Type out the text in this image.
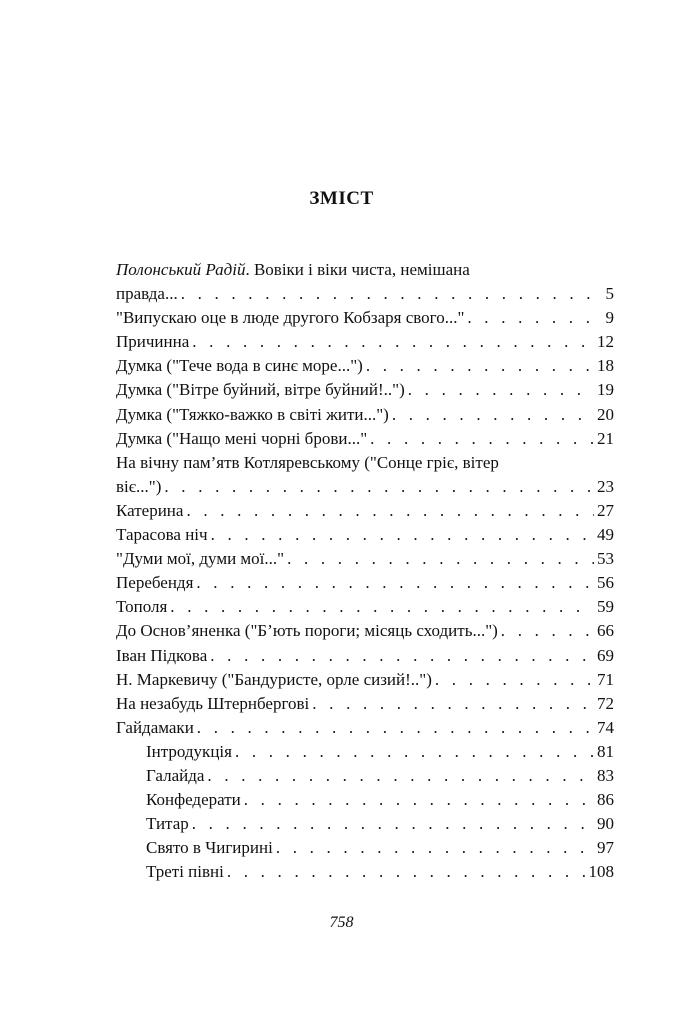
ЗМІСТ
Полонський Радій. Вовіки і віки чиста, немішана
правда... . . .	5
"Випускаю оце в люде другого Кобзаря свого..." . . .	9
Причинна . . .	12
Думка ("Тече вода в синє море...") . . .	18
Думка ("Вітре буйний, вітре буйний!..") . . .	19
Думка ("Тяжко-важко в світі жити...") . . .	20
Думка ("Нащо мені чорні брови..." . . .	21
На вічну пам’ятв Котляревському ("Сонце гріє, вітер
віє...") . . .	23
Катерина . . .	27
Тарасова ніч . . .	49
"Думи мої, думи мої..." . . .	53
Перебендя . . .	56
Тополя . . .	59
До Основ’яненка ("Б’ють пороги; місяць сходить...") . . .	66
Іван Підкова . . .	69
Н. Маркевичу ("Бандуристе, орле сизий!..") . . .	71
На незабудь Штернбергові . . .	72
Гайдамаки . . .	74
Інтродукція . . .	81
Галайда . . .	83
Конфедерати . . .	86
Титар . . .	90
Свято в Чигирині . . .	97
Треті півні . . .	108
758
